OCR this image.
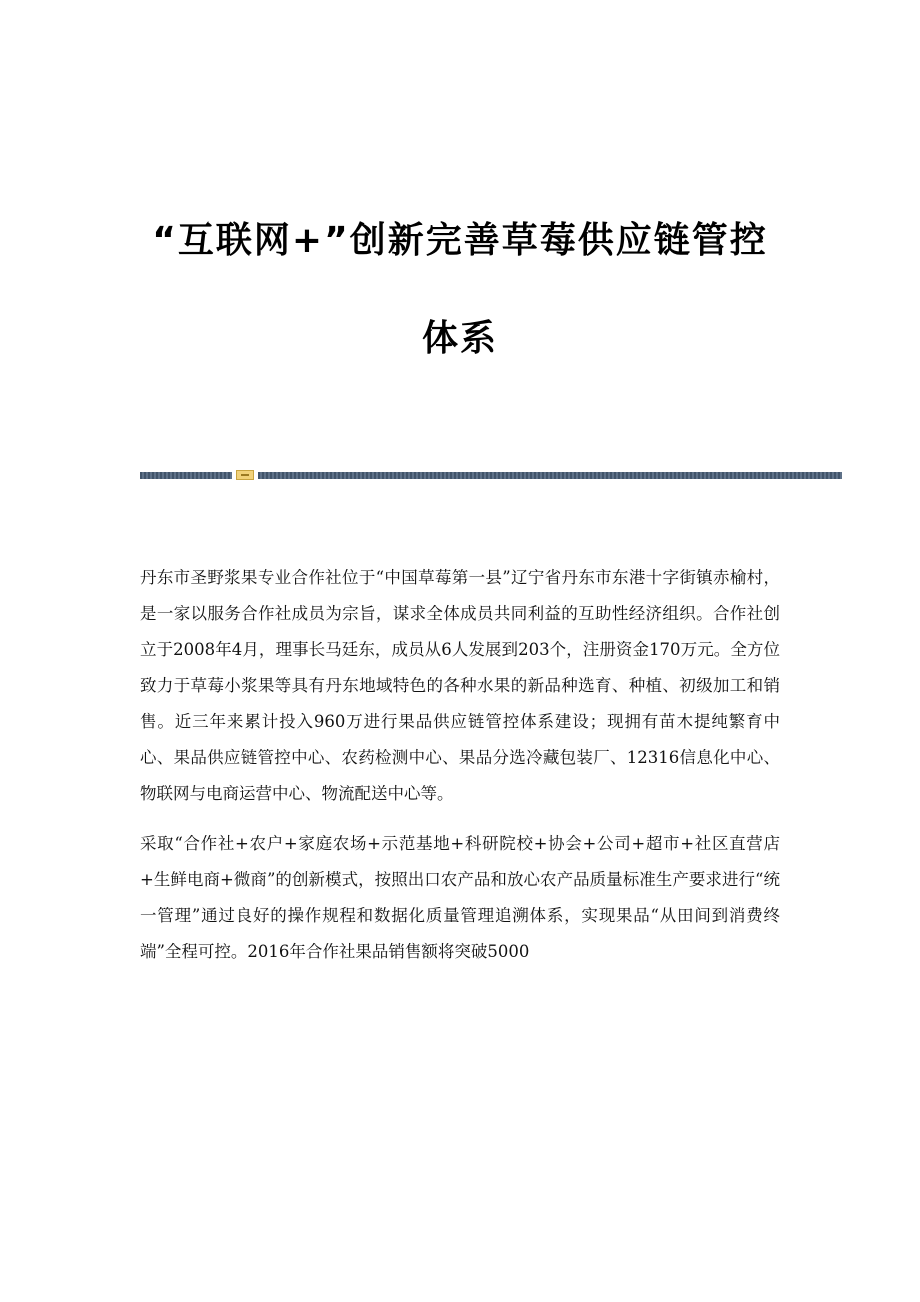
“互联网+”创新完善草莓供应链管控
体系

丹东市圣野浆果专业合作社位于“中国草莓第一县”辽宁省丹东市东港十字街镇赤榆村，是一家以服务合作社成员为宗旨，谋求全体成员共同利益的互助性经济组织。合作社创立于2008年4月，理事长马廷东，成员从6人发展到203个，注册资金170万元。全方位致力于草莓小浆果等具有丹东地域特色的各种水果的新品种选育、种植、初级加工和销售。近三年来累计投入960万进行果品供应链管控体系建设；现拥有苗木提纯繁育中心、果品供应链管控中心、农药检测中心、果品分选冷藏包装厂、12316信息化中心、物联网与电商运营中心、物流配送中心等。

采取“合作社+农户+家庭农场+示范基地+科研院校+协会+公司+超市+社区直营店+生鲜电商+微商”的创新模式，按照出口农产品和放心农产品质量标准生产要求进行“统一管理”通过良好的操作规程和数据化质量管理追溯体系，实现果品“从田间到消费终端”全程可控。2016年合作社果品销售额将突破5000
